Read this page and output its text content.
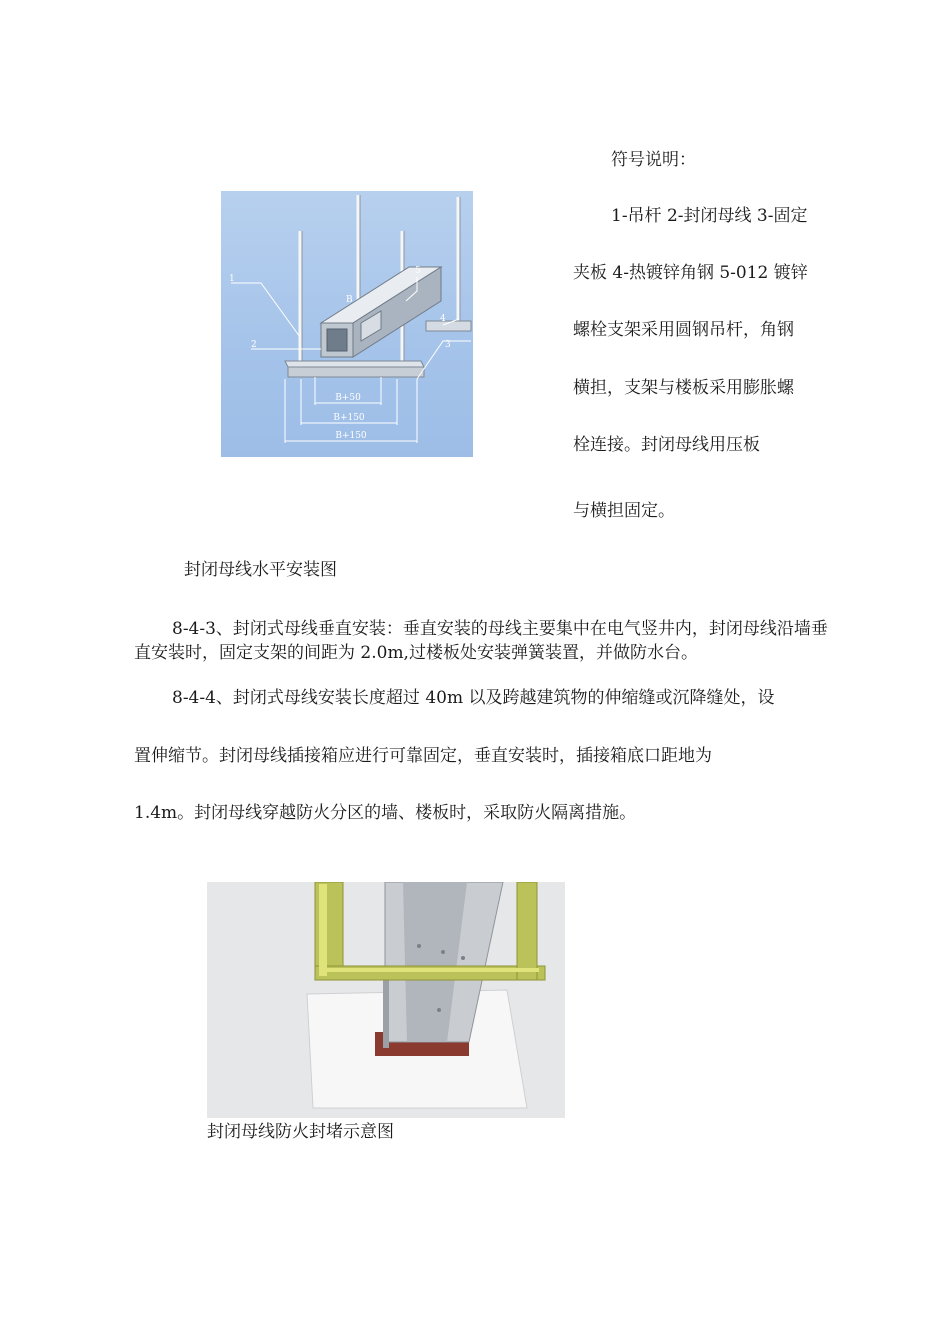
1
2	3
4
5
B
B+50
B+150
B+150
符号说明：
1-吊杆 2-封闭母线 3-固定
夹板 4-热镀锌角钢 5-012 镀锌
螺栓支架采用圆钢吊杆，角钢
横担，支架与楼板采用膨胀螺
栓连接。封闭母线用压板
与横担固定。
封闭母线水平安装图
8-4-3、封闭式母线垂直安装：垂直安装的母线主要集中在电气竖井内，封闭母线沿墙垂直安装时，固定支架的间距为 2.0m,过楼板处安装弹簧装置，并做防水台。
8-4-4、封闭式母线安装长度超过 40m 以及跨越建筑物的伸缩缝或沉降缝处，设
置伸缩节。封闭母线插接箱应进行可靠固定，垂直安装时，插接箱底口距地为
1.4m。封闭母线穿越防火分区的墙、楼板时，采取防火隔离措施。
封闭母线防火封堵示意图
